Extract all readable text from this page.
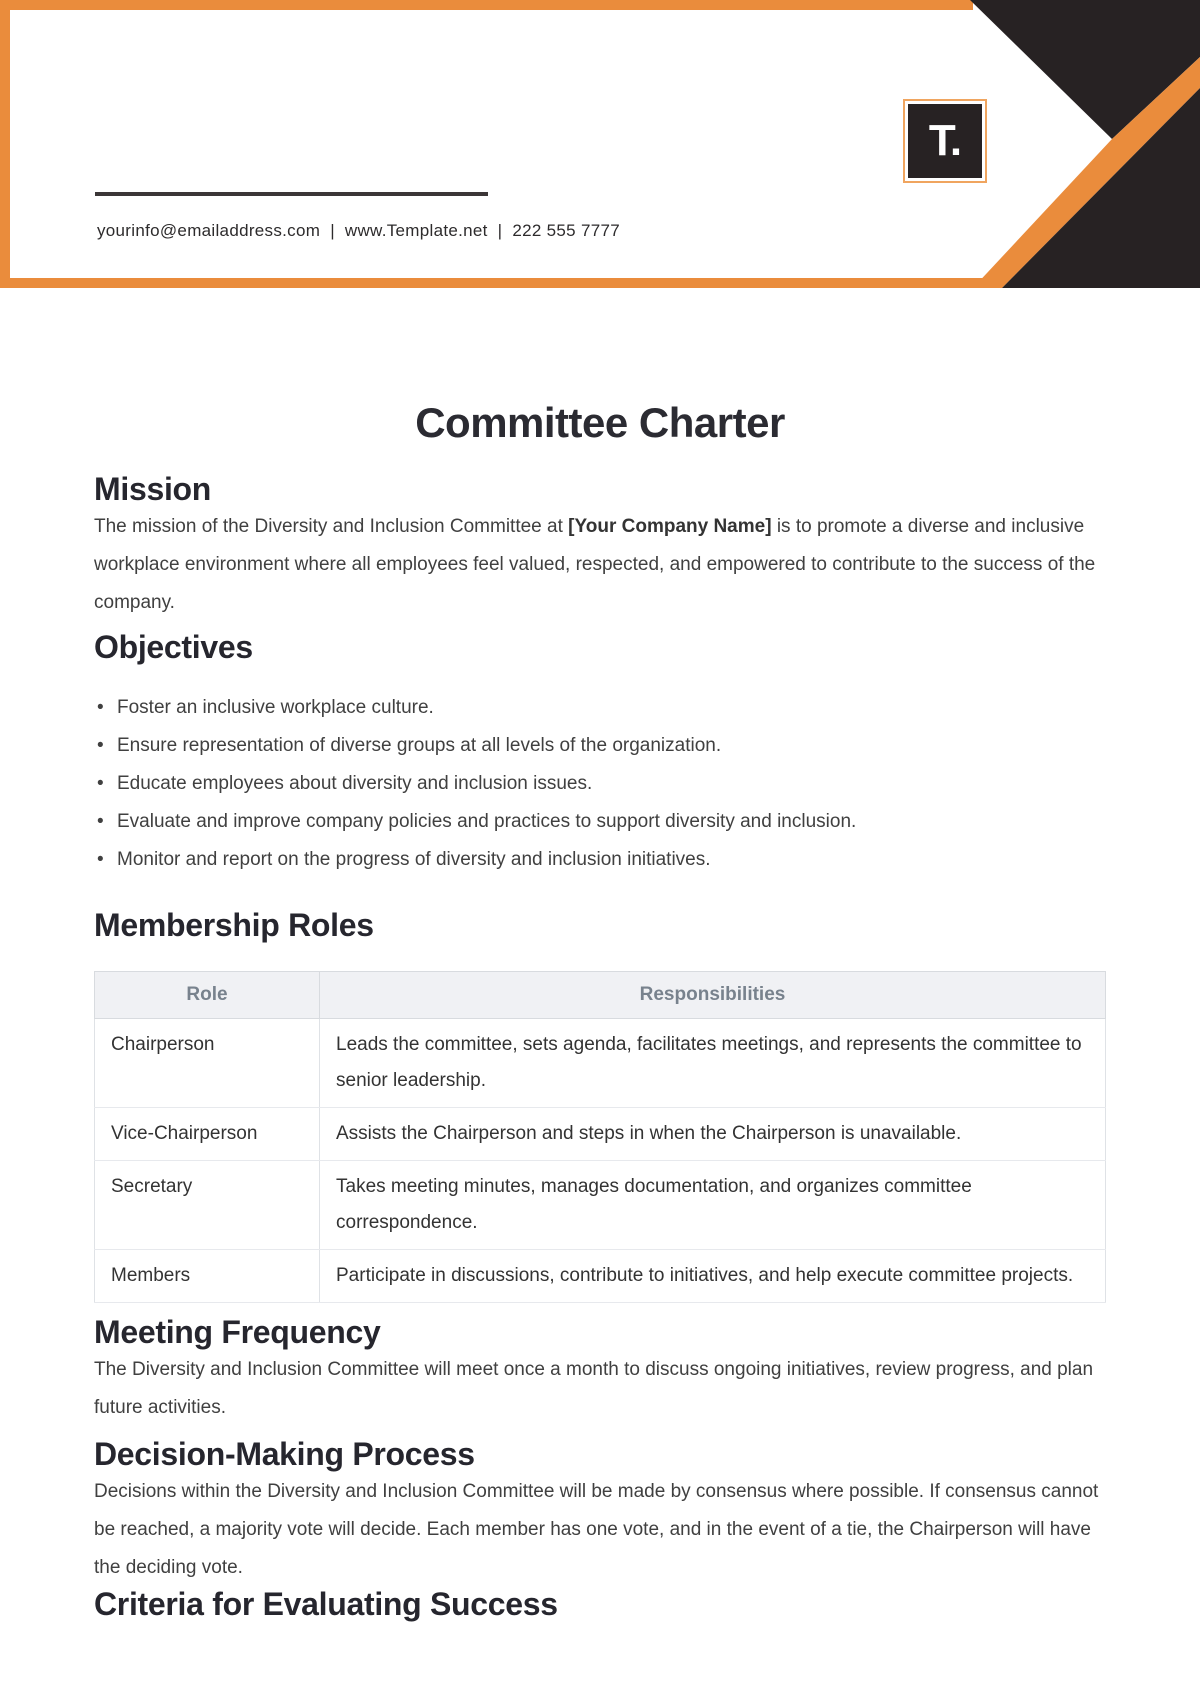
T.
yourinfo@emailaddress.com | www.Template.net | 222 555 7777
Committee Charter
Mission

The mission of the Diversity and Inclusion Committee at [Your Company Name] is to promote a diverse and inclusive workplace environment where all employees feel valued, respected, and empowered to contribute to the success of the company.

Objectives
• Foster an inclusive workplace culture.
• Ensure representation of diverse groups at all levels of the organization.
• Educate employees about diversity and inclusion issues.
• Evaluate and improve company policies and practices to support diversity and inclusion.
• Monitor and report on the progress of diversity and inclusion initiatives.
Membership Roles
Role	Responsibilities
Chairperson	Leads the committee, sets agenda, facilitates meetings, and represents the committee to senior leadership.
Vice-Chairperson	Assists the Chairperson and steps in when the Chairperson is unavailable.
Secretary	Takes meeting minutes, manages documentation, and organizes committee correspondence.
Members	Participate in discussions, contribute to initiatives, and help execute committee projects.
Meeting Frequency

The Diversity and Inclusion Committee will meet once a month to discuss ongoing initiatives, review progress, and plan future activities.

Decision-Making Process

Decisions within the Diversity and Inclusion Committee will be made by consensus where possible. If consensus cannot be reached, a majority vote will decide. Each member has one vote, and in the event of a tie, the Chairperson will have the deciding vote.

Criteria for Evaluating Success
